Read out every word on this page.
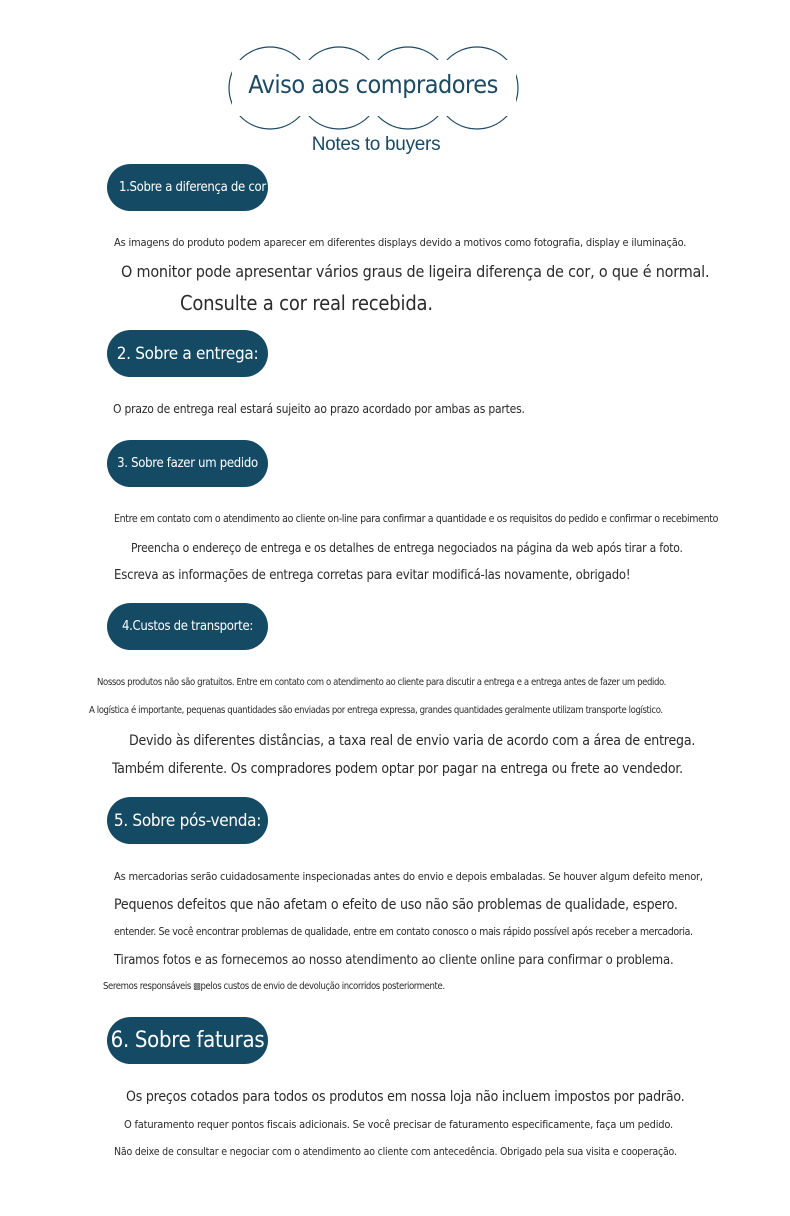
Aviso aos compradores
Notes to buyers
1.Sobre a diferença de cor
As imagens do produto podem aparecer em diferentes displays devido a motivos como fotografia, display e iluminação.
O monitor pode apresentar vários graus de ligeira diferença de cor, o que é normal.
Consulte a cor real recebida.
2. Sobre a entrega:
O prazo de entrega real estará sujeito ao prazo acordado por ambas as partes.
3. Sobre fazer um pedido
Entre em contato com o atendimento ao cliente on-line para confirmar a quantidade e os requisitos do pedido e confirmar o recebimento
Preencha o endereço de entrega e os detalhes de entrega negociados na página da web após tirar a foto.
Escreva as informações de entrega corretas para evitar modificá-las novamente, obrigado!
4.Custos de transporte:
Nossos produtos não são gratuitos. Entre em contato com o atendimento ao cliente para discutir a entrega e a entrega antes de fazer um pedido.
A logística é importante, pequenas quantidades são enviadas por entrega expressa, grandes quantidades geralmente utilizam transporte logístico.
Devido às diferentes distâncias, a taxa real de envio varia de acordo com a área de entrega.
Também diferente. Os compradores podem optar por pagar na entrega ou frete ao vendedor.
5. Sobre pós-venda:
As mercadorias serão cuidadosamente inspecionadas antes do envio e depois embaladas. Se houver algum defeito menor,
Pequenos defeitos que não afetam o efeito de uso não são problemas de qualidade, espero.
entender. Se você encontrar problemas de qualidade, entre em contato conosco o mais rápido possível após receber a mercadoria.
Tiramos fotos e as fornecemos ao nosso atendimento ao cliente online para confirmar o problema.
Seremos responsáveis ▩pelos custos de envio de devolução incorridos posteriormente.
6. Sobre faturas
Os preços cotados para todos os produtos em nossa loja não incluem impostos por padrão.
O faturamento requer pontos fiscais adicionais. Se você precisar de faturamento especificamente, faça um pedido.
Não deixe de consultar e negociar com o atendimento ao cliente com antecedência. Obrigado pela sua visita e cooperação.
